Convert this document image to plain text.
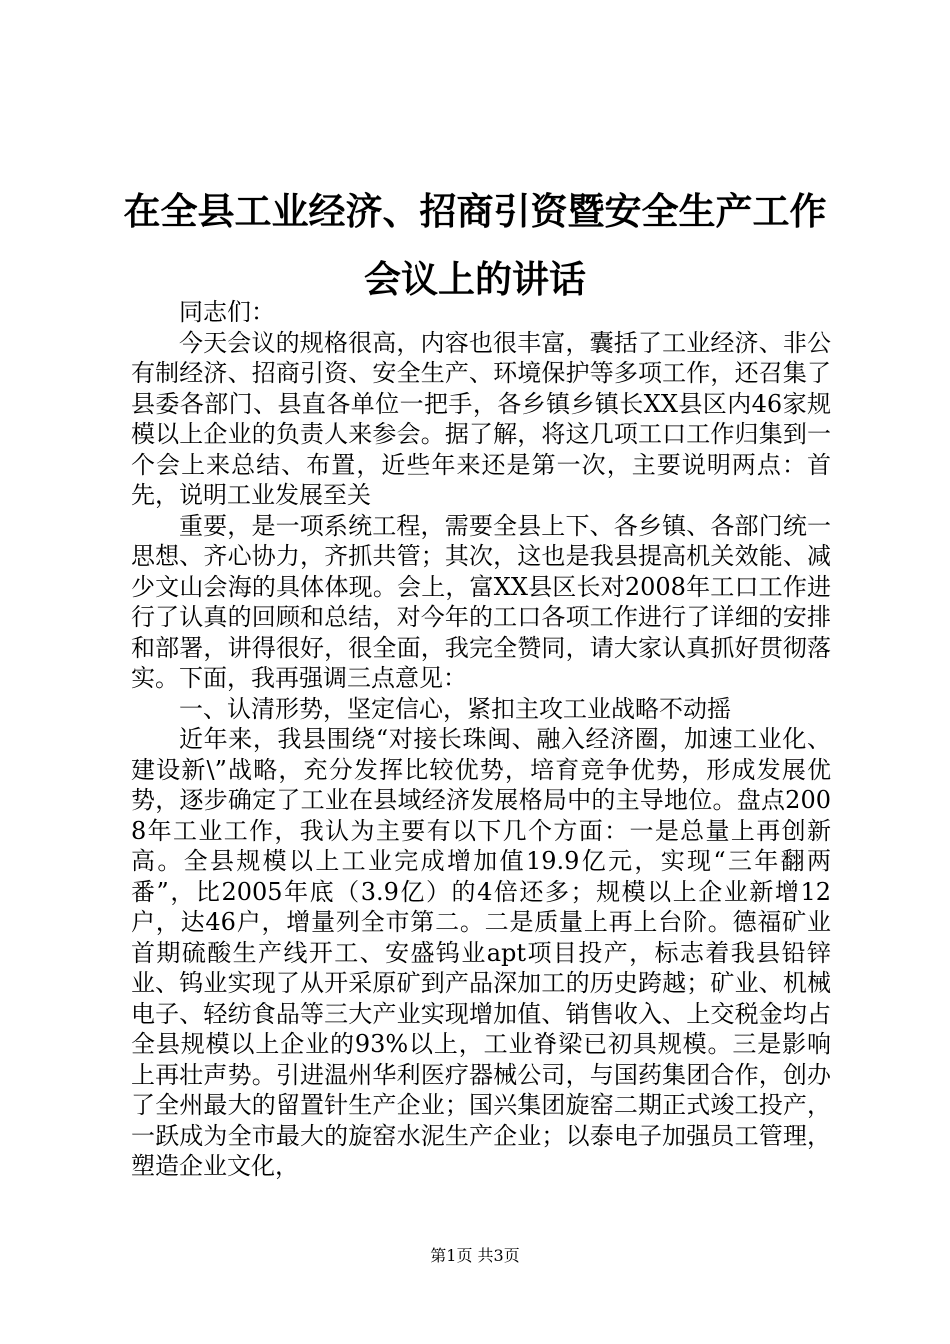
在全县工业经济、招商引资暨安全生产工作会议上的讲话

同志们：

今天会议的规格很高，内容也很丰富，囊括了工业经济、非公有制经济、招商引资、安全生产、环境保护等多项工作，还召集了县委各部门、县直各单位一把手，各乡镇乡镇长XX县区内46家规模以上企业的负责人来参会。据了解，将这几项工口工作归集到一个会上来总结、布置，近些年来还是第一次，主要说明两点：首先，说明工业发展至关

重要，是一项系统工程，需要全县上下、各乡镇、各部门统一思想、齐心协力，齐抓共管；其次，这也是我县提高机关效能、减少文山会海的具体体现。会上，富XX县区长对2008年工口工作进行了认真的回顾和总结，对今年的工口各项工作进行了详细的安排和部署，讲得很好，很全面，我完全赞同，请大家认真抓好贯彻落实。下面，我再强调三点意见：

一、认清形势，坚定信心，紧扣主攻工业战略不动摇

近年来，我县围绕“对接长珠闽、融入经济圈，加速工业化、建设新\”战略，充分发挥比较优势，培育竞争优势，形成发展优势，逐步确定了工业在县域经济发展格局中的主导地位。盘点2008年工业工作，我认为主要有以下几个方面：一是总量上再创新高。全县规模以上工业完成增加值19.9亿元，实现“三年翻两番”，比2005年底（3.9亿）的4倍还多；规模以上企业新增12户，达46户，增量列全市第二。二是质量上再上台阶。德福矿业首期硫酸生产线开工、安盛钨业apt项目投产，标志着我县铅锌业、钨业实现了从开采原矿到产品深加工的历史跨越；矿业、机械电子、轻纺食品等三大产业实现增加值、销售收入、上交税金均占全县规模以上企业的93%以上，工业脊梁已初具规模。三是影响上再壮声势。引进温州华利医疗器械公司，与国药集团合作，创办了全州最大的留置针生产企业；国兴集团旋窑二期正式竣工投产，一跃成为全市最大的旋窑水泥生产企业；以泰电子加强员工管理，塑造企业文化，

第1页 共3页
